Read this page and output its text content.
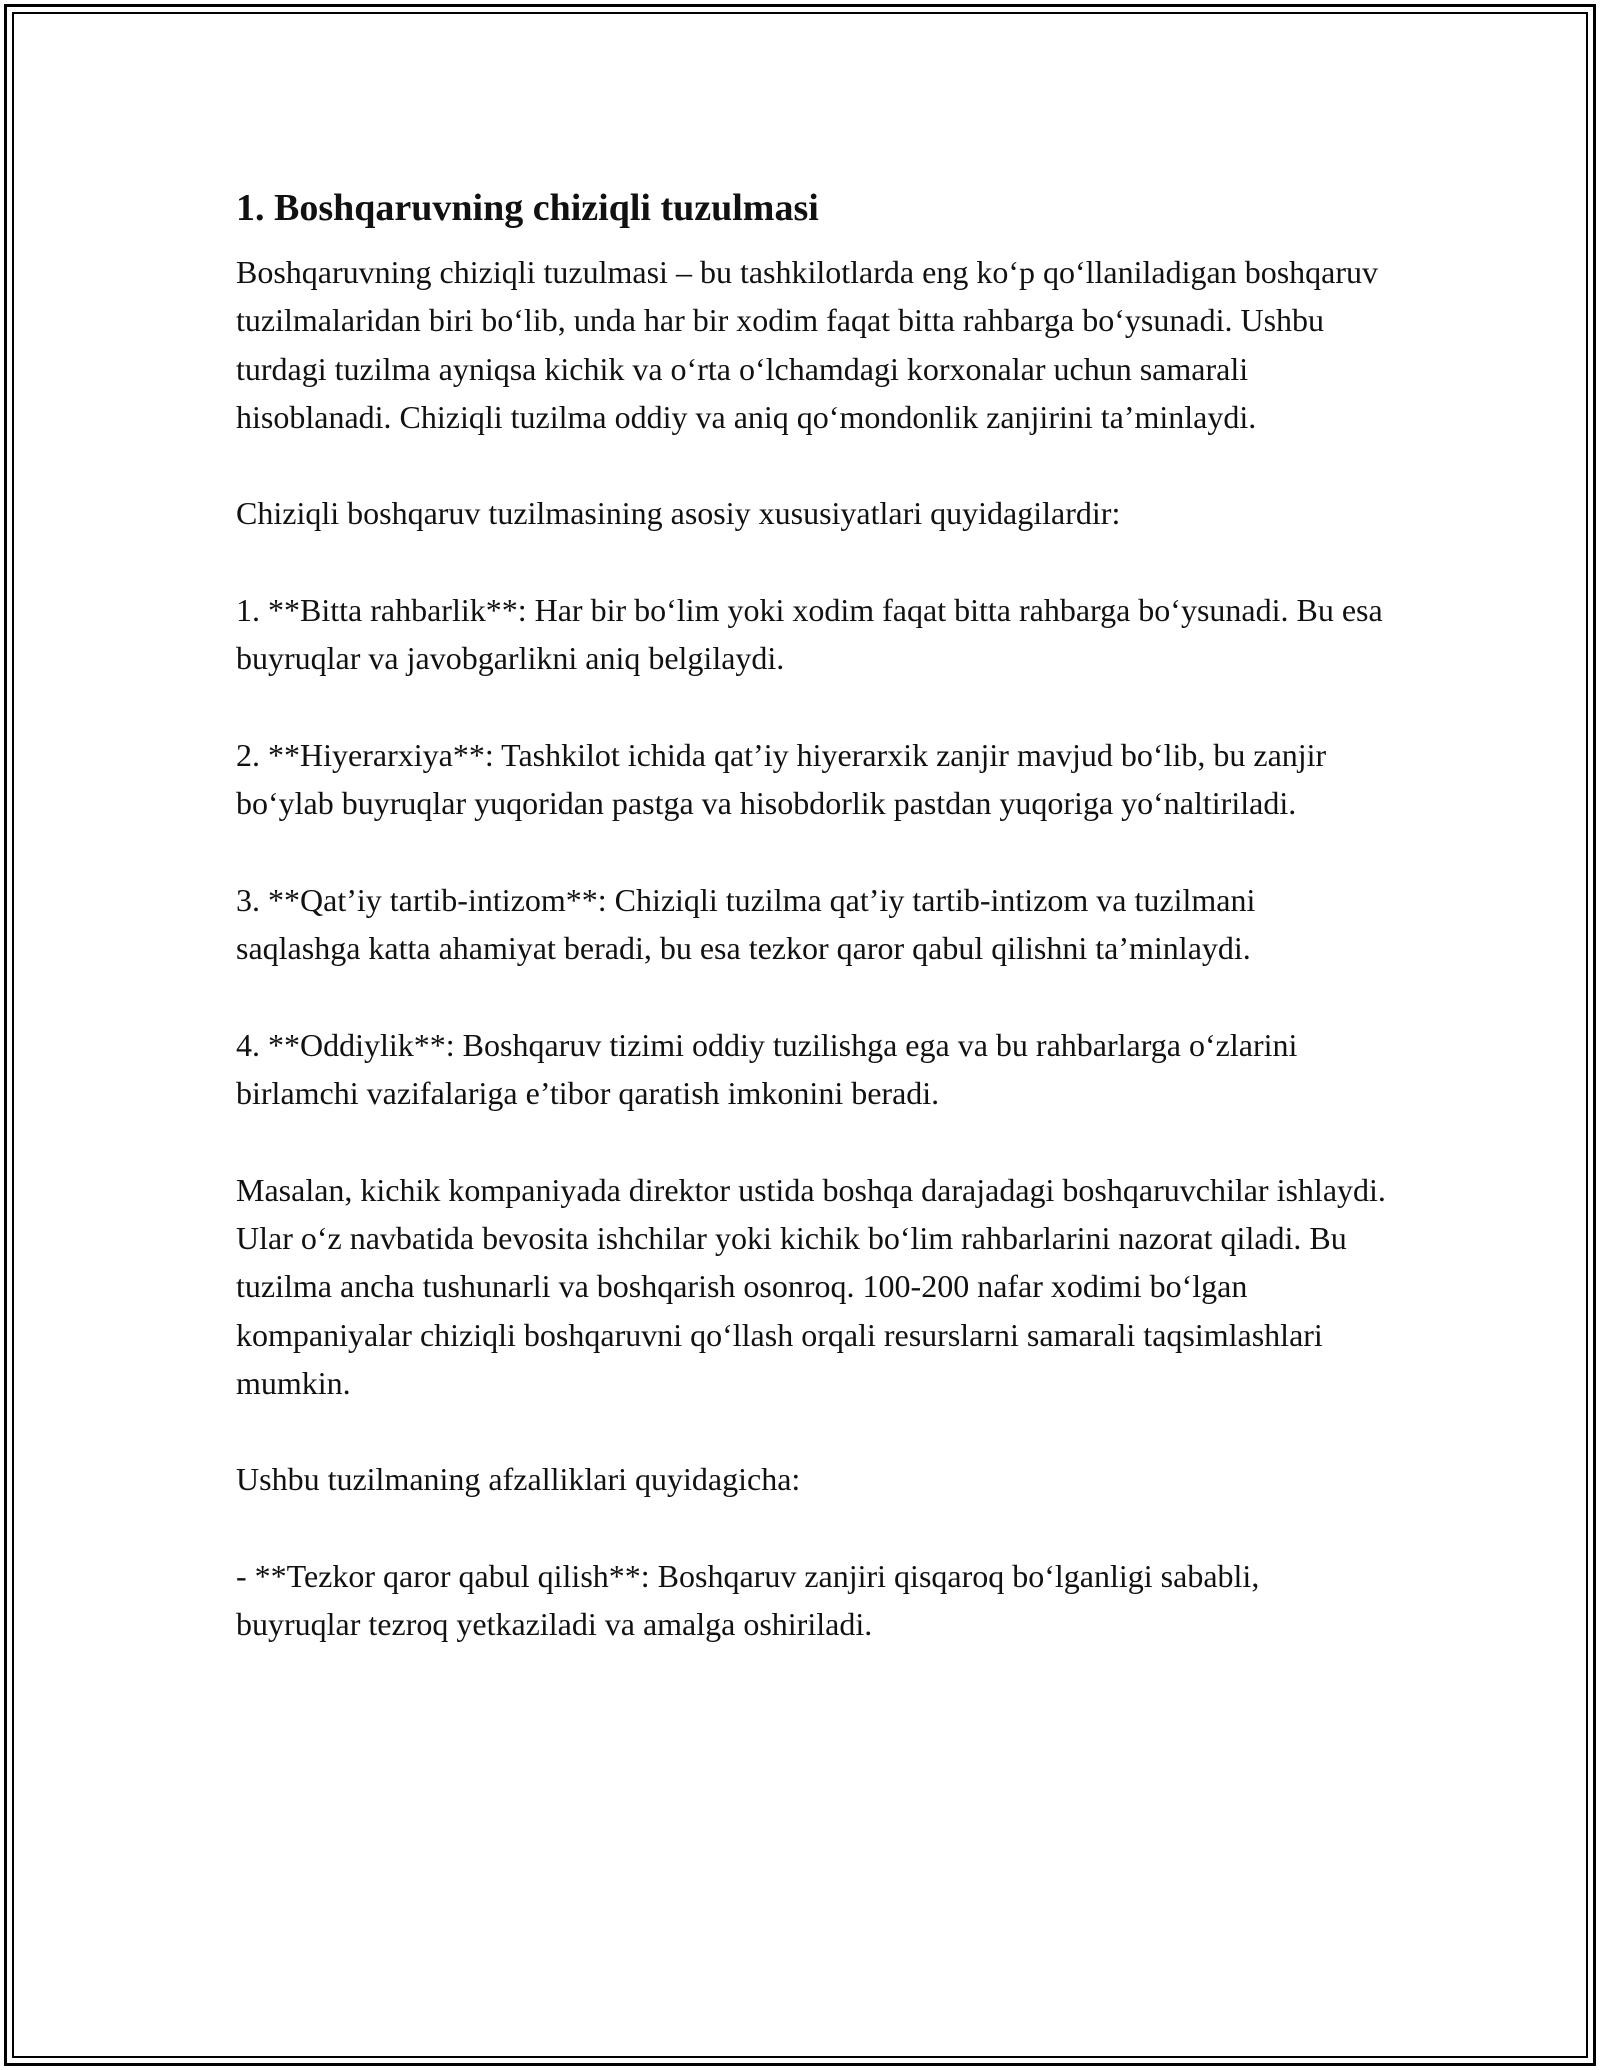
1. Boshqaruvning chiziqli tuzulmasi

Boshqaruvning chiziqli tuzulmasi – bu tashkilotlarda eng ko‘p qo‘llaniladigan boshqaruv tuzilmalaridan biri bo‘lib, unda har bir xodim faqat bitta rahbarga bo‘ysunadi. Ushbu turdagi tuzilma ayniqsa kichik va o‘rta o‘lchamdagi korxonalar uchun samarali hisoblanadi. Chiziqli tuzilma oddiy va aniq qo‘mondonlik zanjirini ta’minlaydi.

Chiziqli boshqaruv tuzilmasining asosiy xususiyatlari quyidagilardir:

1. **Bitta rahbarlik**: Har bir bo‘lim yoki xodim faqat bitta rahbarga bo‘ysunadi. Bu esa buyruqlar va javobgarlikni aniq belgilaydi.

2. **Hiyerarxiya**: Tashkilot ichida qat’iy hiyerarxik zanjir mavjud bo‘lib, bu zanjir bo‘ylab buyruqlar yuqoridan pastga va hisobdorlik pastdan yuqoriga yo‘naltiriladi.

3. **Qat’iy tartib-intizom**: Chiziqli tuzilma qat’iy tartib-intizom va tuzilmani saqlashga katta ahamiyat beradi, bu esa tezkor qaror qabul qilishni ta’minlaydi.

4. **Oddiylik**: Boshqaruv tizimi oddiy tuzilishga ega va bu rahbarlarga o‘zlarini birlamchi vazifalariga e’tibor qaratish imkonini beradi.

Masalan, kichik kompaniyada direktor ustida boshqa darajadagi boshqaruvchilar ishlaydi. Ular o‘z navbatida bevosita ishchilar yoki kichik bo‘lim rahbarlarini nazorat qiladi. Bu tuzilma ancha tushunarli va boshqarish osonroq. 100-200 nafar xodimi bo‘lgan kompaniyalar chiziqli boshqaruvni qo‘llash orqali resurslarni samarali taqsimlashlari mumkin.

Ushbu tuzilmaning afzalliklari quyidagicha:

- **Tezkor qaror qabul qilish**: Boshqaruv zanjiri qisqaroq bo‘lganligi sababli, buyruqlar tezroq yetkaziladi va amalga oshiriladi.
